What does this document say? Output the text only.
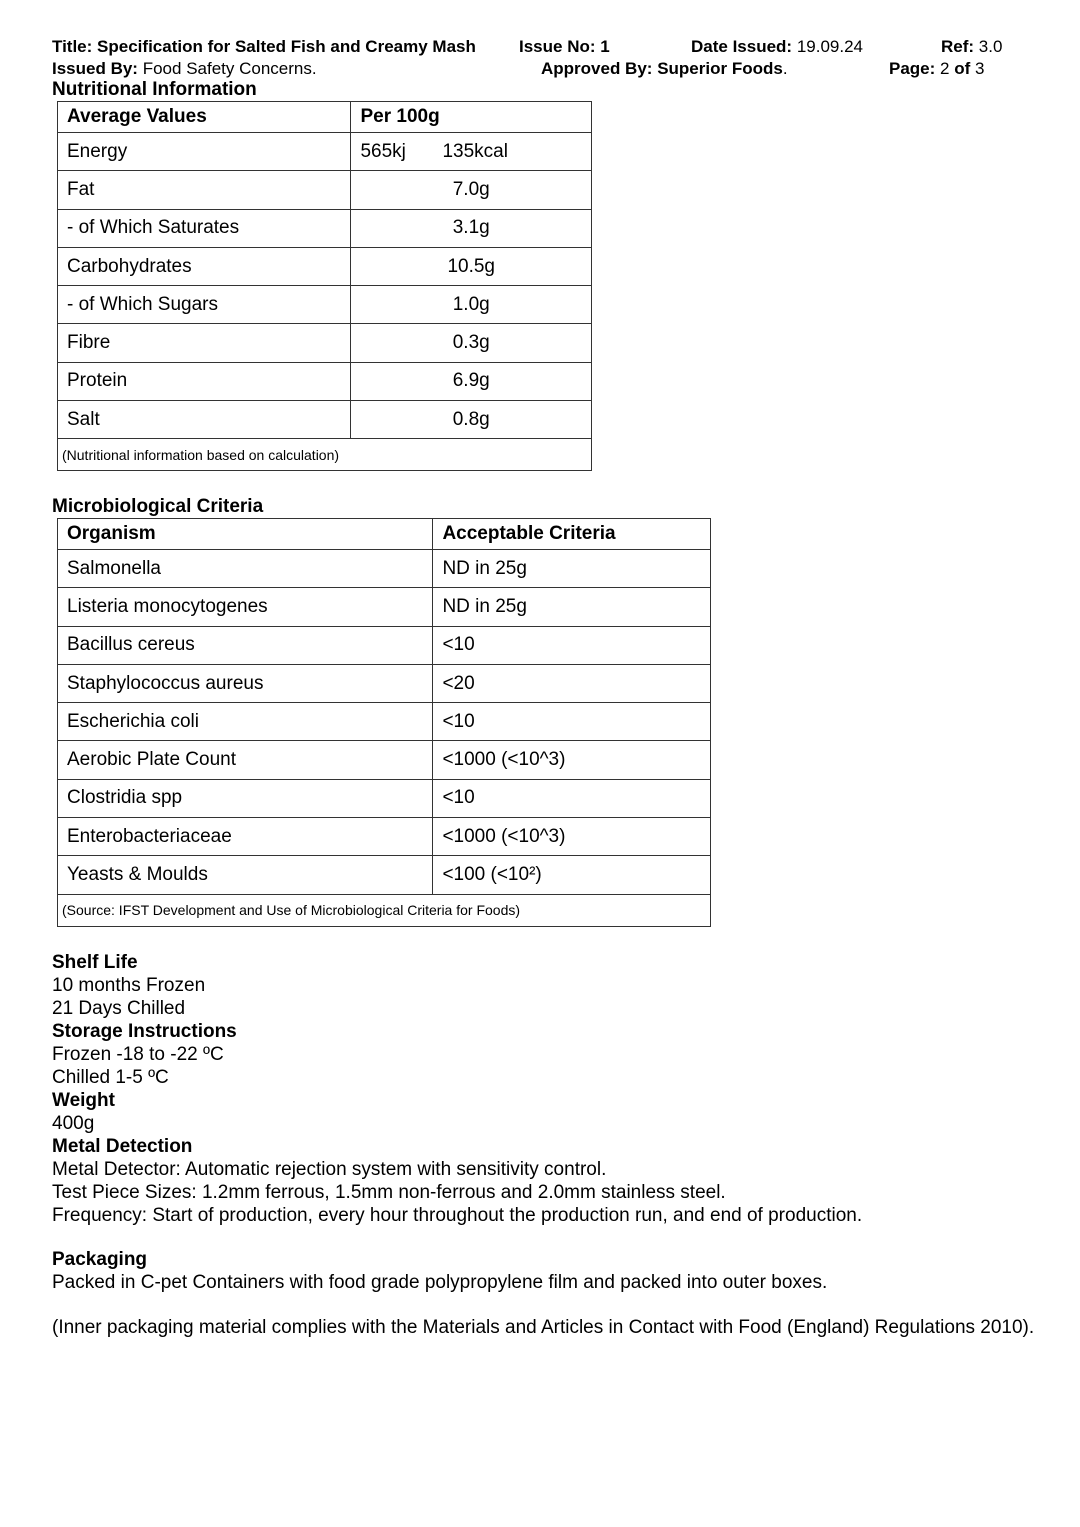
Title: Specification for Salted Fish and Creamy Mash	Issue No: 1	Date Issued: 19.09.24	Ref: 3.0
Issued By: Food Safety Concerns.	Approved By: Superior Foods.	Page: 2 of 3
Nutritional Information
Average Values	Per 100g
Energy	565kj 135kcal
Fat	7.0g
- of Which Saturates	3.1g
Carbohydrates	10.5g
- of Which Sugars	1.0g
Fibre	0.3g
Protein	6.9g
Salt	0.8g
(Nutritional information based on calculation)	
Microbiological Criteria
Organism	Acceptable Criteria
Salmonella	ND in 25g
Listeria monocytogenes	ND in 25g
Bacillus cereus	<10
Staphylococcus aureus	<20
Escherichia coli	<10
Aerobic Plate Count	<1000 (<10^3)
Clostridia spp	<10
Enterobacteriaceae	<1000 (<10^3)
Yeasts & Moulds	<100 (<10²)
(Source: IFST Development and Use of Microbiological Criteria for Foods)	

Shelf Life

10 months Frozen

21 Days Chilled

Storage Instructions

Frozen -18 to -22 ºC

Chilled 1-5 ºC

Weight

400g

Metal Detection

Metal Detector: Automatic rejection system with sensitivity control.

Test Piece Sizes: 1.2mm ferrous, 1.5mm non-ferrous and 2.0mm stainless steel.

Frequency: Start of production, every hour throughout the production run, and end of production.

Packaging

Packed in C-pet Containers with food grade polypropylene film and packed into outer boxes.

(Inner packaging material complies with the Materials and Articles in Contact with Food (England) Regulations 2010).
